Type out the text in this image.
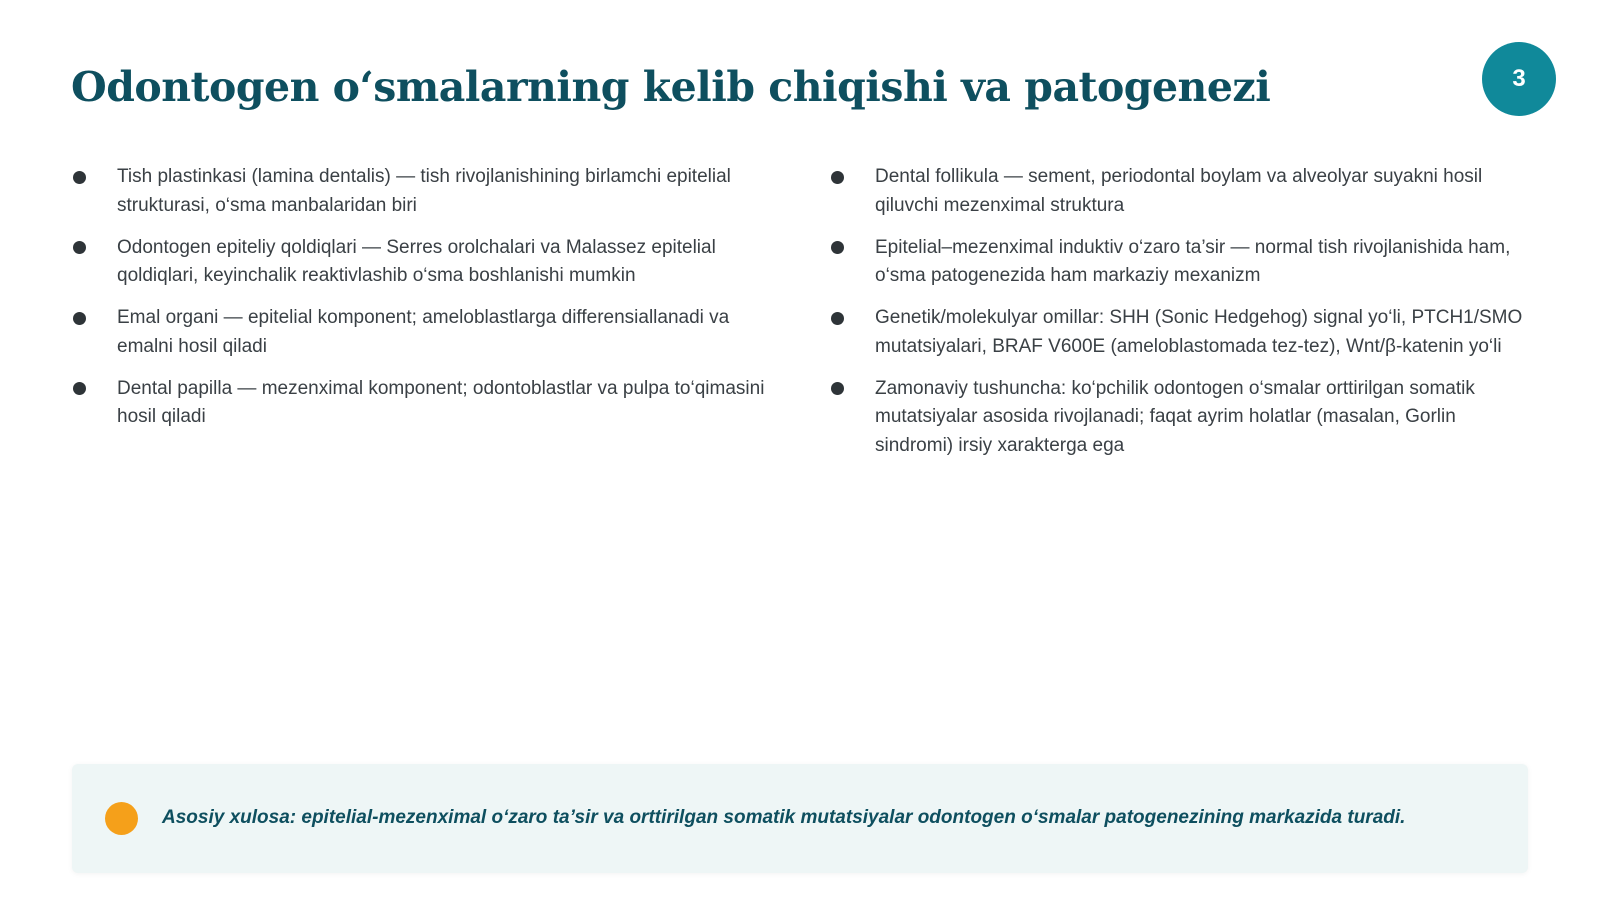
Odontogen o‘smalarning kelib chiqishi va patogenezi	3
Tish plastinkasi (lamina dentalis) — tish rivojlanishining birlamchi epitelial strukturasi, o‘sma manbalaridan biri
Odontogen epiteliy qoldiqlari — Serres orolchalari va Malassez epitelial qoldiqlari, keyinchalik reaktivlashib o‘sma boshlanishi mumkin
Emal organi — epitelial komponent; ameloblastlarga differensiallanadi va emalni hosil qiladi
Dental papilla — mezenximal komponent; odontoblastlar va pulpa to‘qimasini hosil qiladi
Dental follikula — sement, periodontal boylam va alveolyar suyakni hosil qiluvchi mezenximal struktura
Epitelial–mezenximal induktiv o‘zaro ta’sir — normal tish rivojlanishida ham, o‘sma patogenezida ham markaziy mexanizm
Genetik/molekulyar omillar: SHH (Sonic Hedgehog) signal yo‘li, PTCH1/SMO mutatsiyalari, BRAF V600E (ameloblastomada tez-tez), Wnt/β-katenin yo‘li
Zamonaviy tushuncha: ko‘pchilik odontogen o‘smalar orttirilgan somatik mutatsiyalar asosida rivojlanadi; faqat ayrim holatlar (masalan, Gorlin sindromi) irsiy xarakterga ega

Asosiy xulosa: epitelial-mezenximal o‘zaro ta’sir va orttirilgan somatik mutatsiyalar odontogen o‘smalar patogenezining markazida turadi.
